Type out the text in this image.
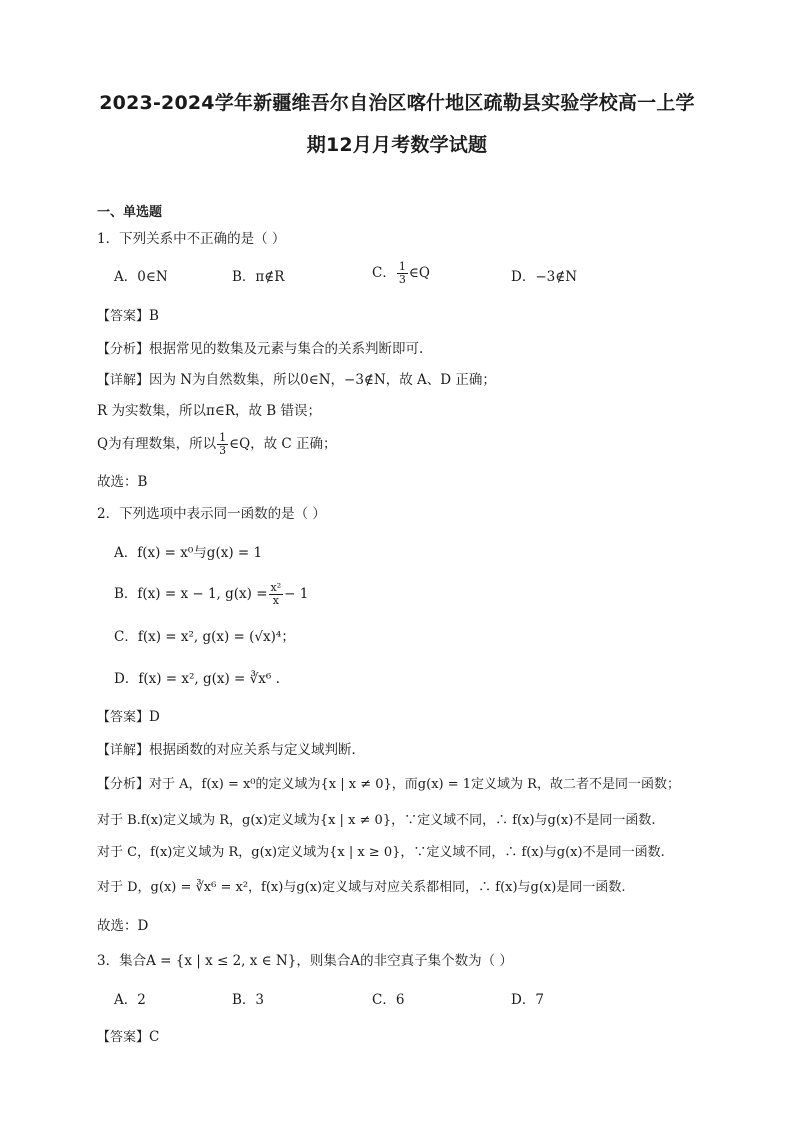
2023-2024学年新疆维吾尔自治区喀什地区疏勒县实验学校高一上学
期12月月考数学试题
一、单选题
1．下列关系中不正确的是（ ）
A．0∈N	B．π∉R	C． $\frac{1}{3}$ ∈Q	D．−3∉N
【答案】B
【分析】根据常见的数集及元素与集合的关系判断即可.
【详解】因为 N为自然数集，所以0∈N，−3∉N，故 A、D 正确；
R 为实数集，所以π∈R，故 B 错误；
Q为有理数集，所以 $\frac{1}{3}$ ∈Q，故 C 正确；
故选：B
2．下列选项中表示同一函数的是（ ）
A．f(x) = x⁰与g(x) = 1
B．f(x) = x − 1, $g(x) = \frac{\text{x²}}{x} - 1$
C．f(x) = x², g(x) = (√x)⁴；
D．f(x) = x², g(x) = ∛x⁶ .
【答案】D
【详解】根据函数的对应关系与定义域判断．
【分析】对于 A，f(x) = x⁰的定义域为{x | x ≠ 0}，而g(x) = 1定义域为 R，故二者不是同一函数；
对于 B.f(x)定义域为 R，g(x)定义域为{x | x ≠ 0}，∵定义域不同，∴ f(x)与g(x)不是同一函数.
对于 C，f(x)定义域为 R，g(x)定义域为{x | x ≥ 0}，∵定义域不同，∴ f(x)与g(x)不是同一函数.
对于 D，g(x) = ∛x⁶ = x²，f(x)与g(x)定义域与对应关系都相同，∴ f(x)与g(x)是同一函数.
故选：D
3．集合A = {x | x ≤ 2, x ∈ N}，则集合A的非空真子集个数为（ ）
A．2	B．3	C．6	D．7
【答案】C
